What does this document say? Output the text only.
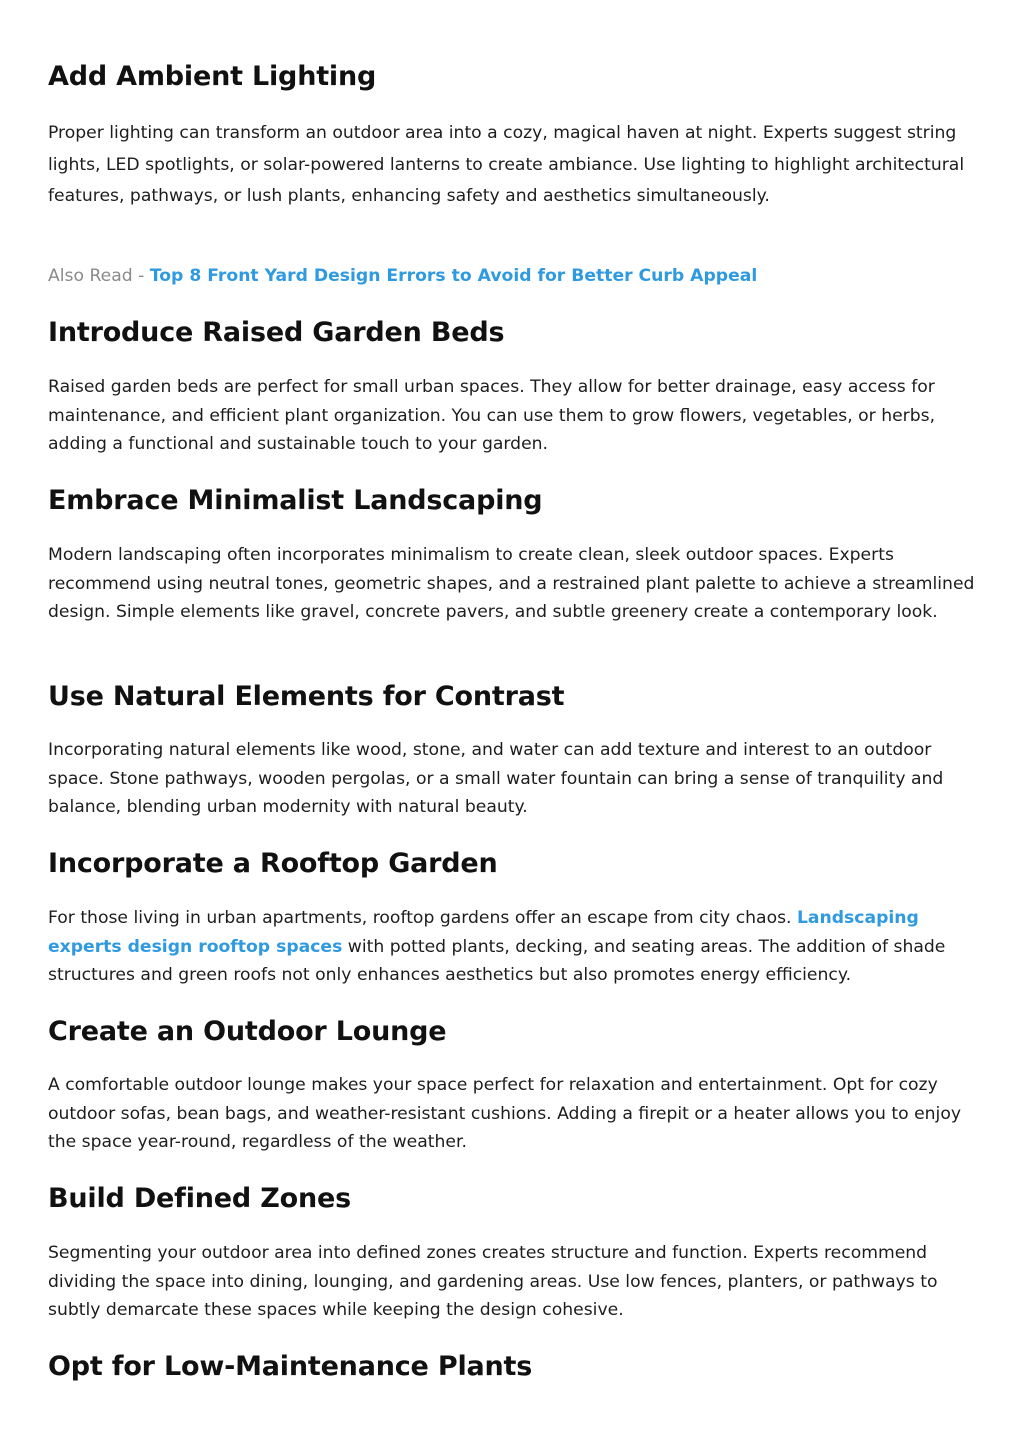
Add Ambient Lighting

Proper lighting can transform an outdoor area into a cozy, magical haven at night. Experts suggest string lights, LED spotlights, or solar-powered lanterns to create ambiance. Use lighting to highlight architectural features, pathways, or lush plants, enhancing safety and aesthetics simultaneously.

Also Read - Top 8 Front Yard Design Errors to Avoid for Better Curb Appeal
Introduce Raised Garden Beds

Raised garden beds are perfect for small urban spaces. They allow for better drainage, easy access for maintenance, and efficient plant organization. You can use them to grow flowers, vegetables, or herbs, adding a functional and sustainable touch to your garden.

Embrace Minimalist Landscaping

Modern landscaping often incorporates minimalism to create clean, sleek outdoor spaces. Experts recommend using neutral tones, geometric shapes, and a restrained plant palette to achieve a streamlined design. Simple elements like gravel, concrete pavers, and subtle greenery create a contemporary look.

Use Natural Elements for Contrast

Incorporating natural elements like wood, stone, and water can add texture and interest to an outdoor space. Stone pathways, wooden pergolas, or a small water fountain can bring a sense of tranquility and balance, blending urban modernity with natural beauty.

Incorporate a Rooftop Garden

For those living in urban apartments, rooftop gardens offer an escape from city chaos. Landscaping experts design rooftop spaces with potted plants, decking, and seating areas. The addition of shade structures and green roofs not only enhances aesthetics but also promotes energy efficiency.

Create an Outdoor Lounge

A comfortable outdoor lounge makes your space perfect for relaxation and entertainment. Opt for cozy outdoor sofas, bean bags, and weather-resistant cushions. Adding a firepit or a heater allows you to enjoy the space year-round, regardless of the weather.

Build Defined Zones

Segmenting your outdoor area into defined zones creates structure and function. Experts recommend dividing the space into dining, lounging, and gardening areas. Use low fences, planters, or pathways to subtly demarcate these spaces while keeping the design cohesive.

Opt for Low-Maintenance Plants
